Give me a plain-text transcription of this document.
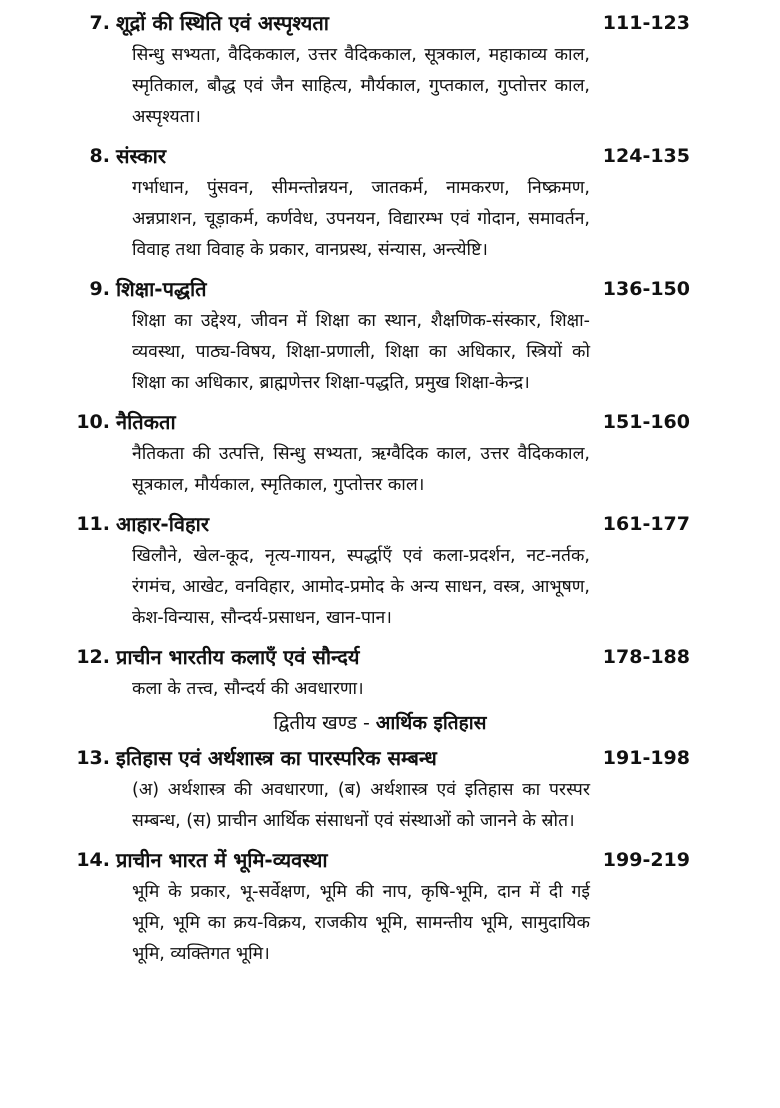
7. शूद्रों की स्थिति एवं अस्पृश्यता	111-123

सिन्धु सभ्यता, वैदिककाल, उत्तर वैदिककाल, सूत्रकाल, महाकाव्य काल, स्मृतिकाल, बौद्ध एवं जैन साहित्य, मौर्यकाल, गुप्तकाल, गुप्तोत्तर काल, अस्पृश्यता।

8. संस्कार	124-135

गर्भाधान, पुंसवन, सीमन्तोन्नयन, जातकर्म, नामकरण, निष्क्रमण, अन्नप्राशन, चूड़ाकर्म, कर्णवेध, उपनयन, विद्यारम्भ एवं गोदान, समावर्तन, विवाह तथा विवाह के प्रकार, वानप्रस्थ, संन्यास, अन्त्येष्टि।

9. शिक्षा-पद्धति	136-150

शिक्षा का उद्देश्य, जीवन में शिक्षा का स्थान, शैक्षणिक-संस्कार, शिक्षा-व्यवस्था, पाठ्य-विषय, शिक्षा-प्रणाली, शिक्षा का अधिकार, स्त्रियों को शिक्षा का अधिकार, ब्राह्मणेत्तर शिक्षा-पद्धति, प्रमुख शिक्षा-केन्द्र।

10. नैतिकता	151-160

नैतिकता की उत्पत्ति, सिन्धु सभ्यता, ऋग्वैदिक काल, उत्तर वैदिककाल, सूत्रकाल, मौर्यकाल, स्मृतिकाल, गुप्तोत्तर काल।

11. आहार-विहार	161-177

खिलौने, खेल-कूद, नृत्य-गायन, स्पर्द्धाएँ एवं कला-प्रदर्शन, नट-नर्तक, रंगमंच, आखेट, वनविहार, आमोद-प्रमोद के अन्य साधन, वस्त्र, आभूषण, केश-विन्यास, सौन्दर्य-प्रसाधन, खान-पान।

12. प्राचीन भारतीय कलाएँ एवं सौन्दर्य	178-188

कला के तत्त्व, सौन्दर्य की अवधारणा।

द्वितीय खण्ड - आर्थिक इतिहास
13. इतिहास एवं अर्थशास्त्र का पारस्परिक सम्बन्ध	191-198

(अ) अर्थशास्त्र की अवधारणा, (ब) अर्थशास्त्र एवं इतिहास का परस्पर सम्बन्ध, (स) प्राचीन आर्थिक संसाधनों एवं संस्थाओं को जानने के स्रोत।

14. प्राचीन भारत में भूमि-व्यवस्था	199-219

भूमि के प्रकार, भू-सर्वेक्षण, भूमि की नाप, कृषि-भूमि, दान में दी गई भूमि, भूमि का क्रय-विक्रय, राजकीय भूमि, सामन्तीय भूमि, सामुदायिक भूमि, व्यक्तिगत भूमि।
